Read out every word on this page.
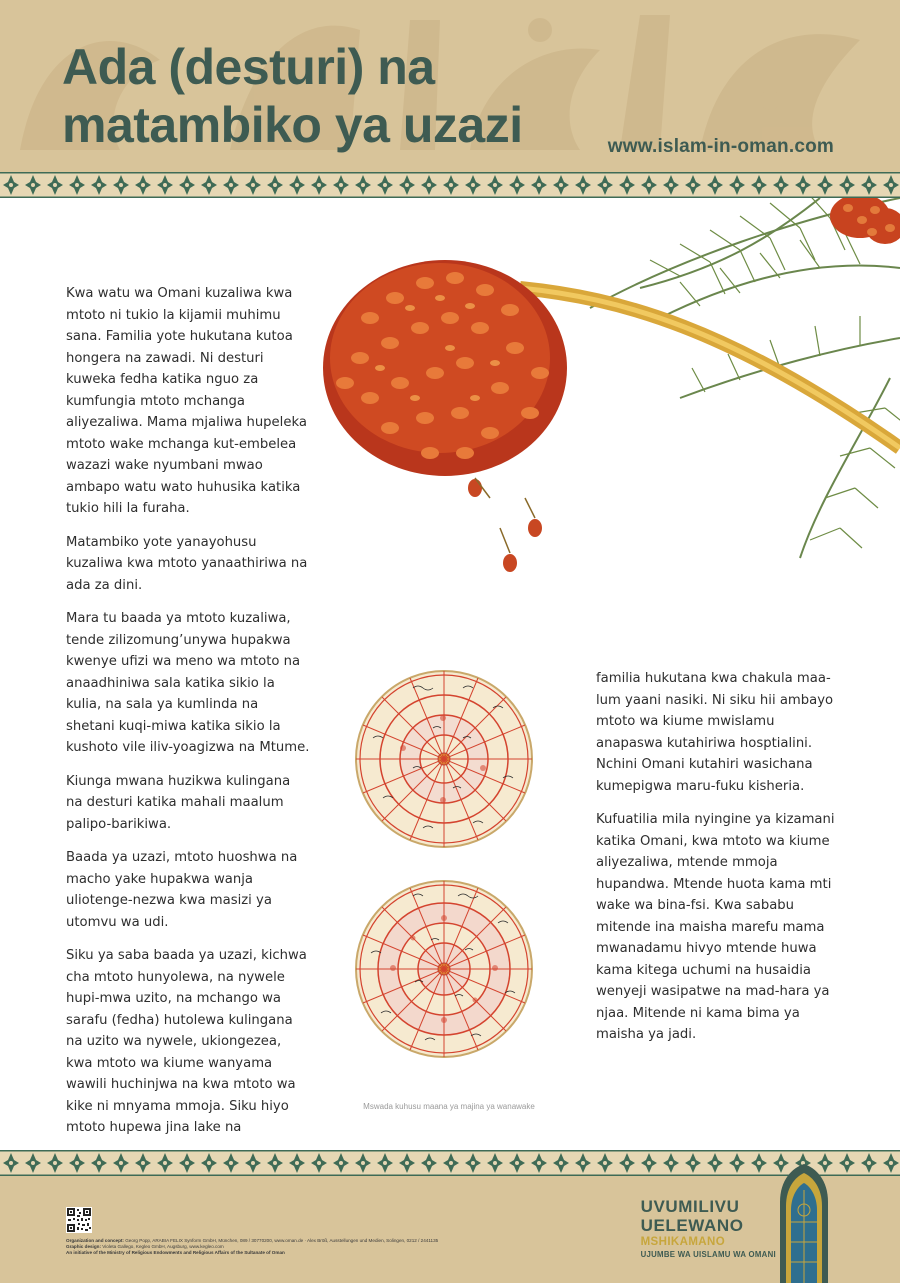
Ada (desturi) na
matambiko ya uzazi	www.islam-in-oman.com

Kwa watu wa Omani kuzaliwa kwa mtoto ni tukio la kijamii muhimu sana. Familia yote hukutana kutoa hongera na zawadi. Ni desturi kuweka fedha katika nguo za kumfungia mtoto mchanga aliyezaliwa. Mama mjaliwa hupeleka mtoto wake mchanga kut-embelea wazazi wake nyumbani mwao ambapo watu wato huhusika katika tukio hili la furaha.

Matambiko yote yanayohusu kuzaliwa kwa mtoto yanaathiriwa na ada za dini.

Mara tu baada ya mtoto kuzaliwa, tende zilizomung’unywa hupakwa kwenye ufizi wa meno wa mtoto na anaadhiniwa sala katika sikio la kulia, na sala ya kumlinda na shetani kuqi-miwa katika sikio la kushoto vile iliv-yoagizwa na Mtume.

Kiunga mwana huzikwa kulingana na desturi katika mahali maalum palipo-barikiwa.

Baada ya uzazi, mtoto huoshwa na macho yake hupakwa wanja uliotenge-nezwa kwa masizi ya utomvu wa udi.

Siku ya saba baada ya uzazi, kichwa cha mtoto hunyolewa, na nywele hupi-mwa uzito, na mchango wa sarafu (fedha) hutolewa kulingana na uzito wa nywele, ukiongezea, kwa mtoto wa kiume wanyama wawili huchinjwa na kwa mtoto wa kike ni mnyama mmoja. Siku hiyo mtoto hupewa jina lake na

Mswada kuhusu maana ya majina ya wanawake

familia hukutana kwa chakula maa-lum yaani nasiki. Ni siku hii ambayo mtoto wa kiume mwislamu anapaswa kutahiriwa hosptialini. Nchini Omani kutahiri wasichana kumepigwa maru-fuku kisheria.

Kufuatilia mila nyingine ya kizamani katika Omani, kwa mtoto wa kiume aliyezaliwa, mtende mmoja hupandwa. Mtende huota kama mti wake wa bina-fsi. Kwa sababu mitende ina maisha marefu mama mwanadamu hivyo mtende huwa kama kitega uchumi na husaidia wenyeji wasipatwe na mad-hara ya njaa. Mitende ni kama bima ya maisha ya jadi.

Organization and concept: Georg Popp, ARABIA FELIX Synform GmbH, München, 089 / 30770200, www.oman.de · Alex Bröß, Ausstellungen und Medien, Solingen, 0212 / 2441135

Graphic design: Violeta Gallego, Kegleo GmbH, Augsburg, www.kegleo.com

An initiative of the Ministry of Religious Endowments and Religious Affairs of the Sultanate of Oman

UVUMILIVU
UELEWANO
MSHIKAMANO
UJUMBE WA UISLAMU WA OMANI
